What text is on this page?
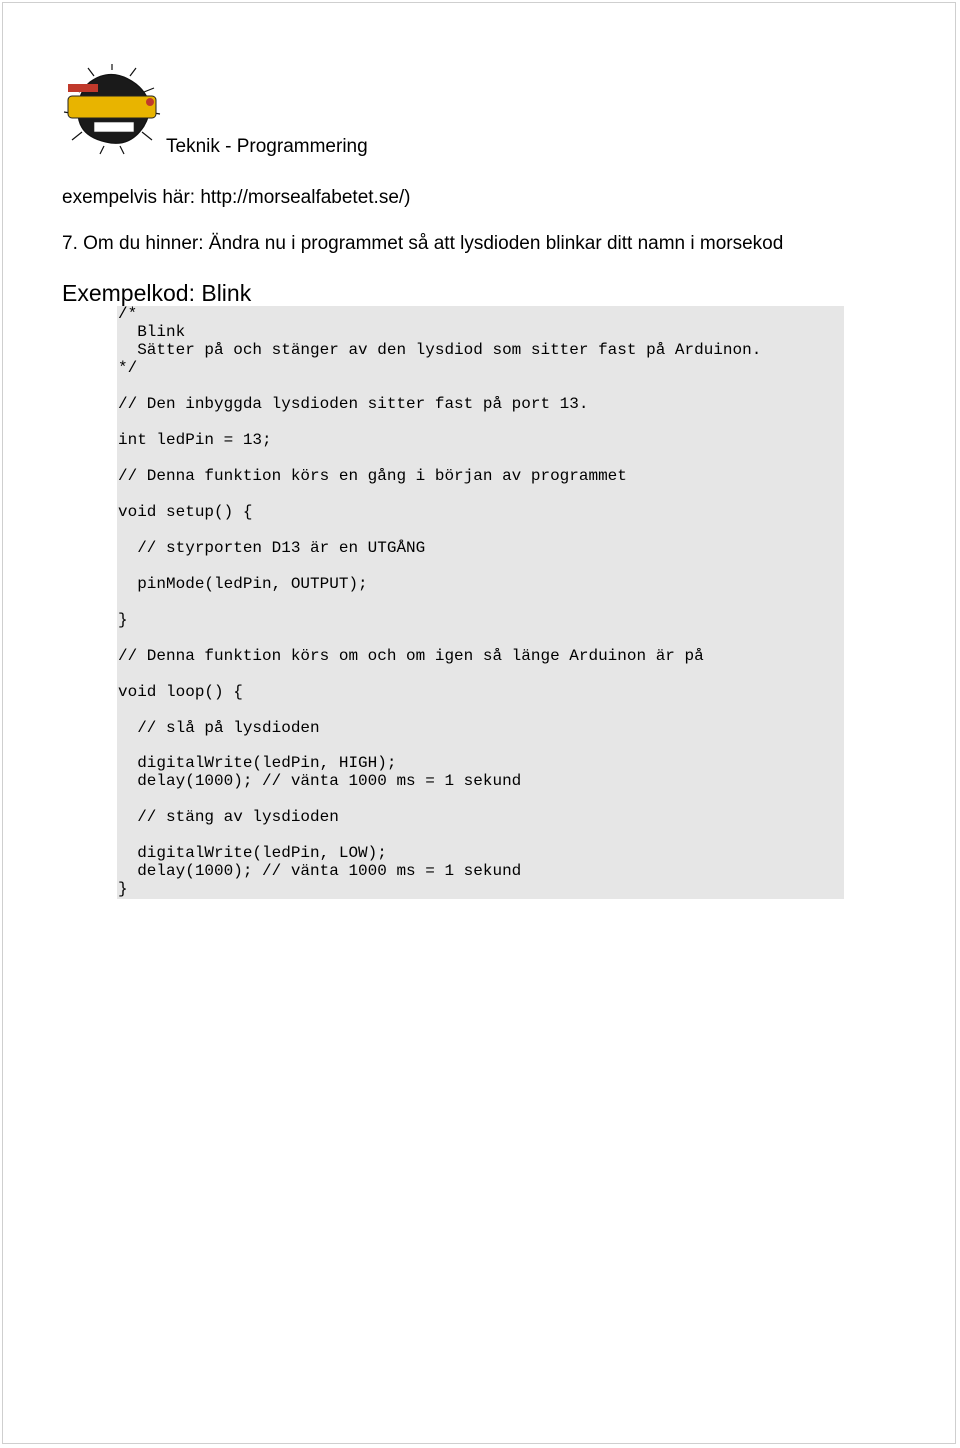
Teknik - Programmering
exempelvis här: http://morsealfabetet.se/)
7. Om du hinner: Ändra nu i programmet så att lysdioden blinkar ditt namn i morsekod
Exempelkod: Blink
/*
Blink
Sätter på och stänger av den lysdiod som sitter fast på Arduinon.
*/
// Den inbyggda lysdioden sitter fast på port 13.
int ledPin = 13;
// Denna funktion körs en gång i början av programmet
void setup() {
// styrporten D13 är en UTGÅNG
pinMode(ledPin, OUTPUT);
}
// Denna funktion körs om och om igen så länge Arduinon är på
void loop() {
// slå på lysdioden
digitalWrite(ledPin, HIGH);
delay(1000); // vänta 1000 ms = 1 sekund
// stäng av lysdioden
digitalWrite(ledPin, LOW);
delay(1000); // vänta 1000 ms = 1 sekund
}
